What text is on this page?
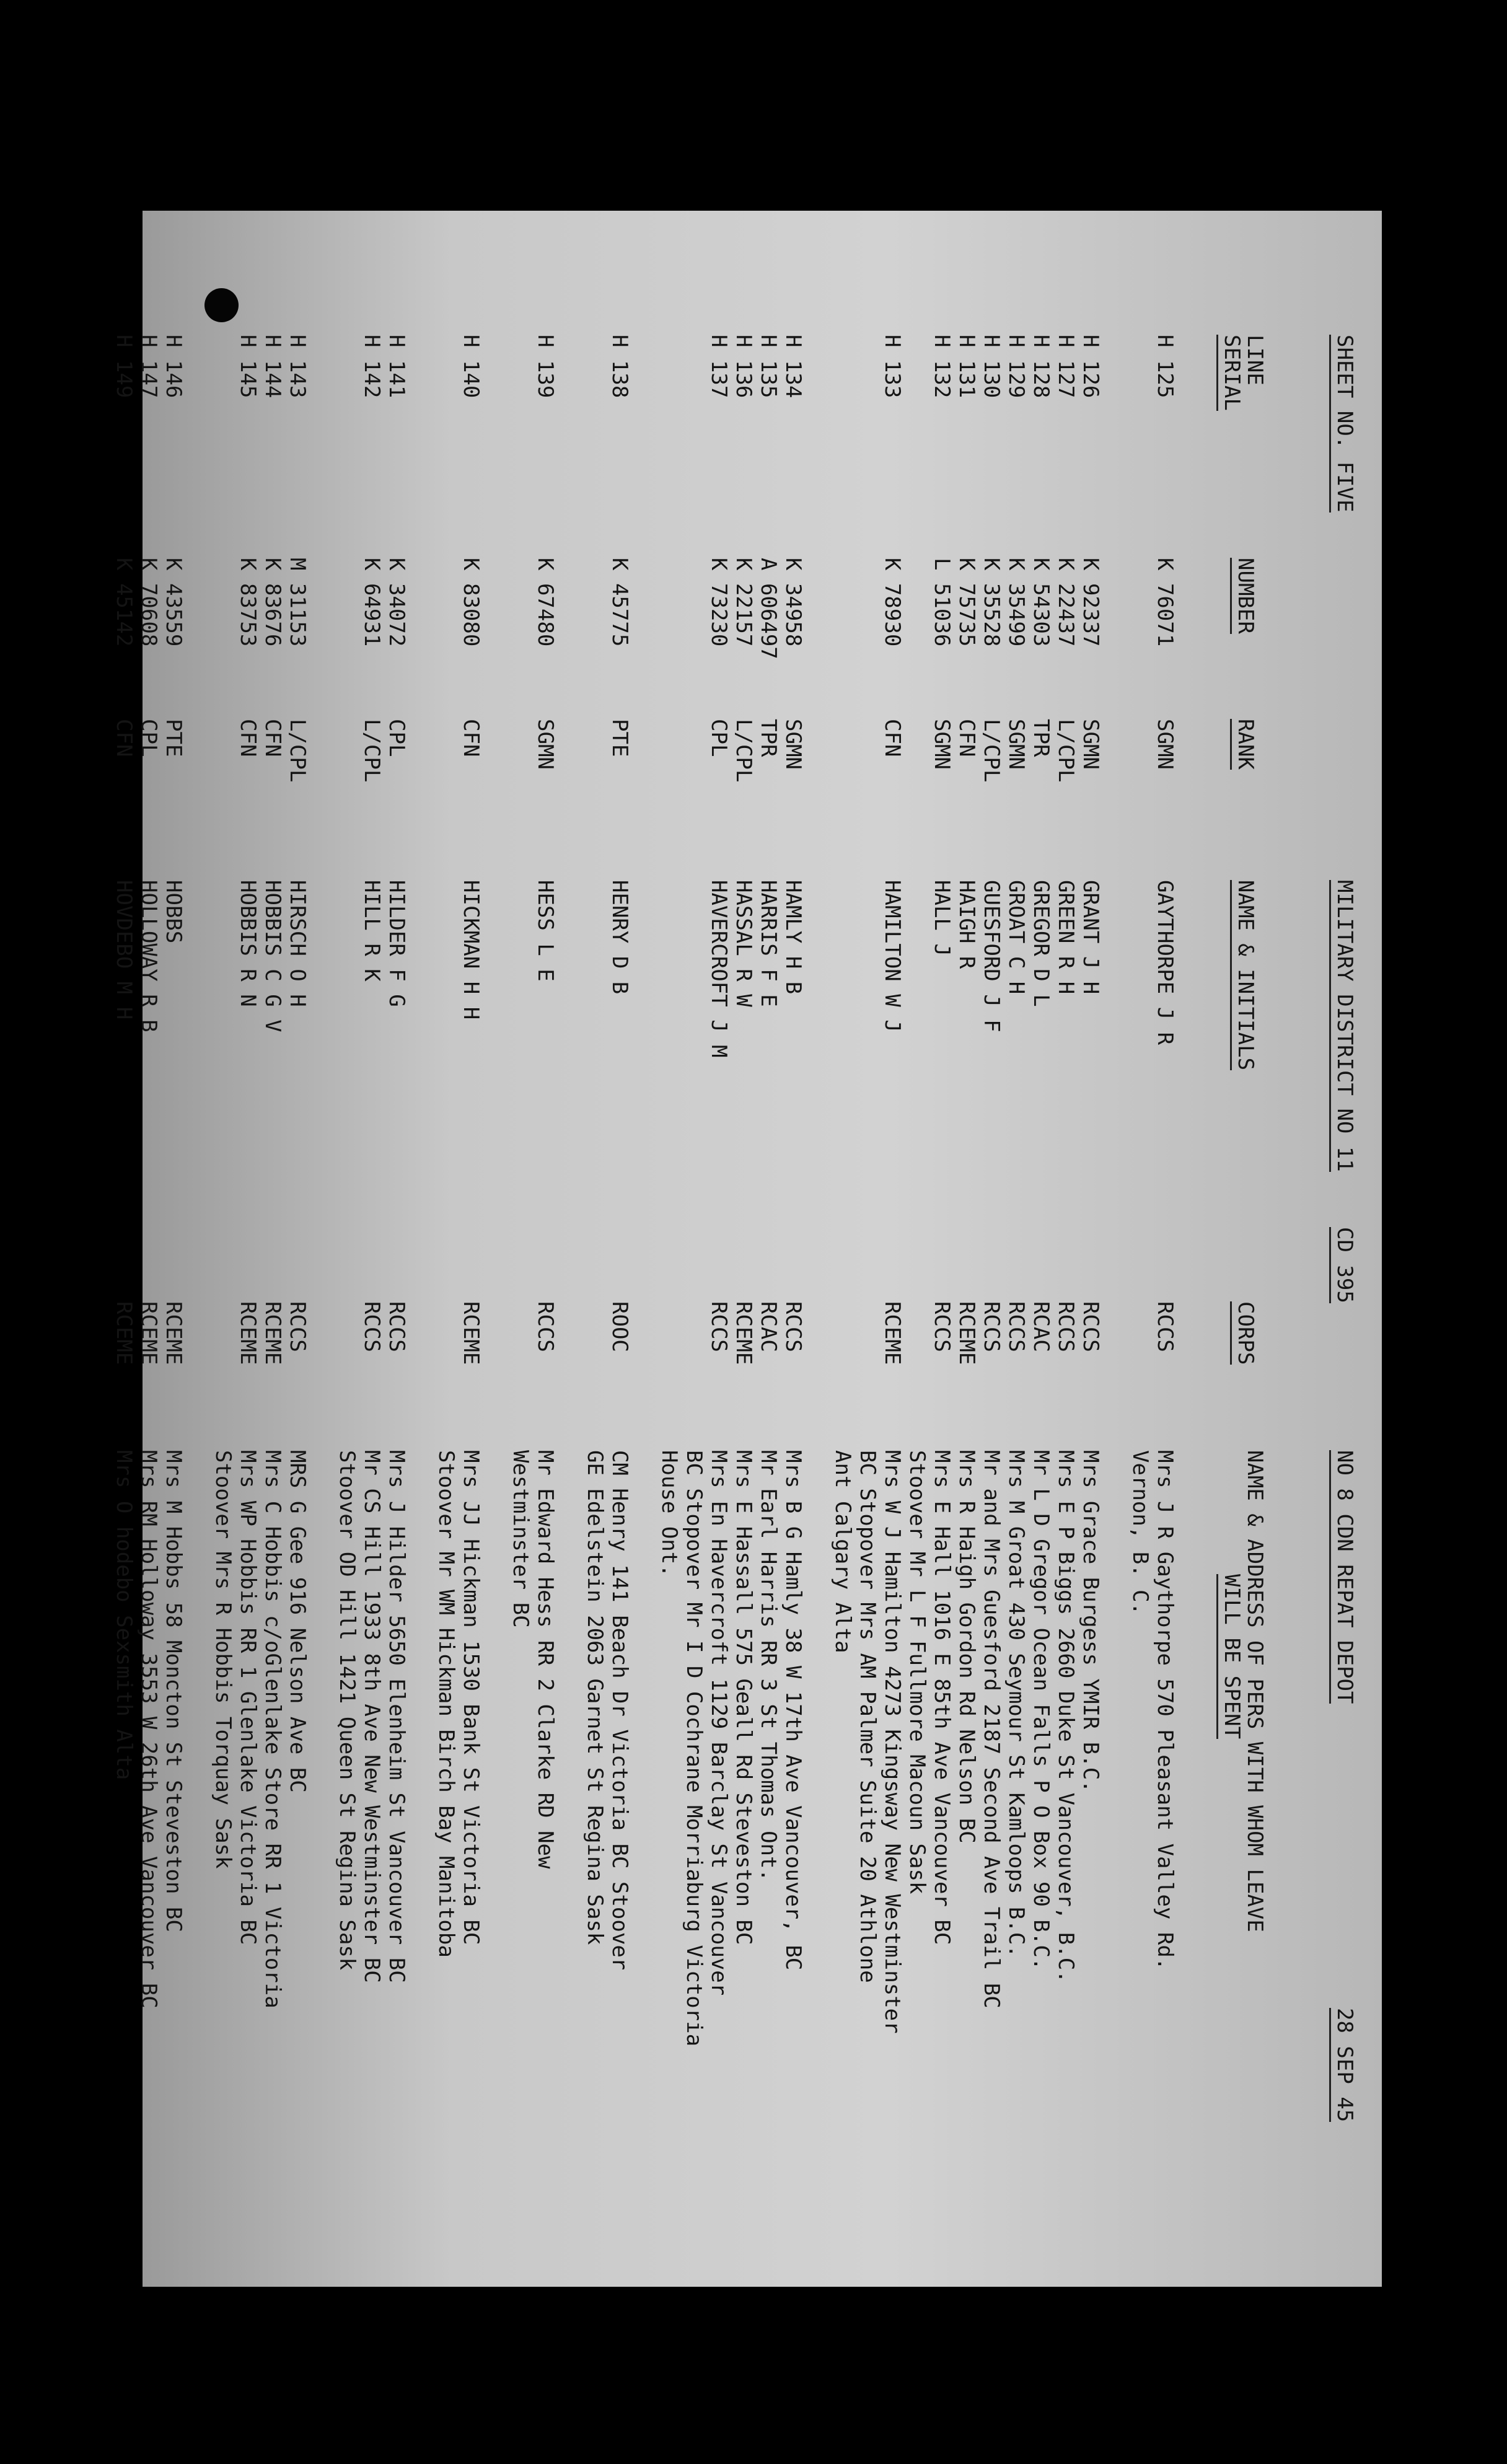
SHEET NO. FIVE
MILITARY DISTRICT NO 11
CD 395
NO 8 CDN REPAT DEPOT
28 SEP 45
LINE
SERIAL
NUMBER
RANK
NAME & INITIALS
CORPS
NAME & ADDRESS OF PERS WITH WHOM LEAVE
WILL BE SPENT
H 125
K 76071
SGMN
GAYTHORPE J R
RCCS
Mrs J R Gaythorpe 570 Pleasant Valley Rd.
Vernon, B. C.
H 126
K 92337
SGMN
GRANT J H
RCCS
Mrs Grace Burgess YMIR B.C.
H 127
K 22437
L/CPL
GREEN R H
RCCS
Mrs E P Biggs 2660 Duke St Vancouver, B.C.
H 128
K 54303
TPR
GREGOR D L
RCAC
Mr L D Gregor Ocean Falls P O Box 90 B.C.
H 129
K 35499
SGMN
GROAT C H
RCCS
Mrs M Groat 430 Seymour St Kamloops B.C.
H 130
K 35528
L/CPL
GUESFORD J F
RCCS
Mr and Mrs Guesford 2187 Second Ave Trail BC
H 131
K 75735
CFN
HAIGH R
RCEME
Mrs R Haigh Gordon Rd Nelson BC
H 132
L 51036
SGMN
HALL J
RCCS
Mrs E Hall 1016 E 85th Ave Vancouver BC
Stoover Mr L F Fullmore Macoun Sask
H 133
K 78930
CFN
HAMILTON W J
RCEME
Mrs W J Hamilton 4273 Kingsway New Westminster
BC Stopover Mrs AM Palmer Suite 20 Athlone
Ant Calgary Alta
H 134
K 34958
SGMN
HAMLY H B
RCCS
Mrs B G Hamly 38 W 17th Ave Vancouver, BC
H 135
A 606497
TPR
HARRIS F E
RCAC
Mr Earl Harris RR 3 St Thomas Ont.
H 136
K 22157
L/CPL
HASSAL R W
RCEME
Mrs E Hassall 575 Geall Rd Steveston BC
H 137
K 73230
CPL
HAVERCROFT J M
RCCS
Mrs En Havercroft 1129 Barclay St Vancouver
BC Stopover Mr I D Cochrane Morriaburg Victoria
House Ont.
H 138
K 45775
PTE
HENRY D B
ROOC
CM Henry 141 Beach Dr Victoria BC Stoover
GE Edelstein 2063 Garnet St Regina Sask
H 139
K 67480
SGMN
HESS L E
RCCS
Mr Edward Hess RR 2 Clarke RD New
Westminster BC
H 140
K 83080
CFN
HICKMAN H H
RCEME
Mrs JJ Hickman 1530 Bank St Victoria BC
Stoover Mr WM Hickman Birch Bay Manitoba
H 141
K 34072
CPL
HILDER F G
RCCS
Mrs J Hilder 5650 Elenheim St Vancouver BC
H 142
K 64931
L/CPL
HILL R K
RCCS
Mr CS Hill 1933 8th Ave New Westminster BC
Stoover OD Hill 1421 Queen St Regina Sask
H 143
M 31153
L/CPL
HIRSCH O H
RCCS
MRS G Gee 916 Nelson Ave BC
H 144
K 83676
CFN
HOBBIS C G V
RCEME
Mrs C Hobbis c/oGlenlake Store RR 1 Victoria
H 145
K 83753
CFN
HOBBIS R N
RCEME
Mrs WP Hobbis RR 1 Glenlake Victoria BC
Stoover Mrs R Hobbis Torquay Sask
H 146
K 43559
PTE
HOBBS
RCEME
Mrs M Hobbs 58 Moncton St Steveston BC
H 147
K 70608
CPL
HOLLOWAY R B
RCEME
Mrs RM Holloway 3553 W 26th Ave Vancouver BC
H 149
K 45142
CFN
HOVDEBO M H
RCEME
Mrs O hodebo Sexsmith Alta
